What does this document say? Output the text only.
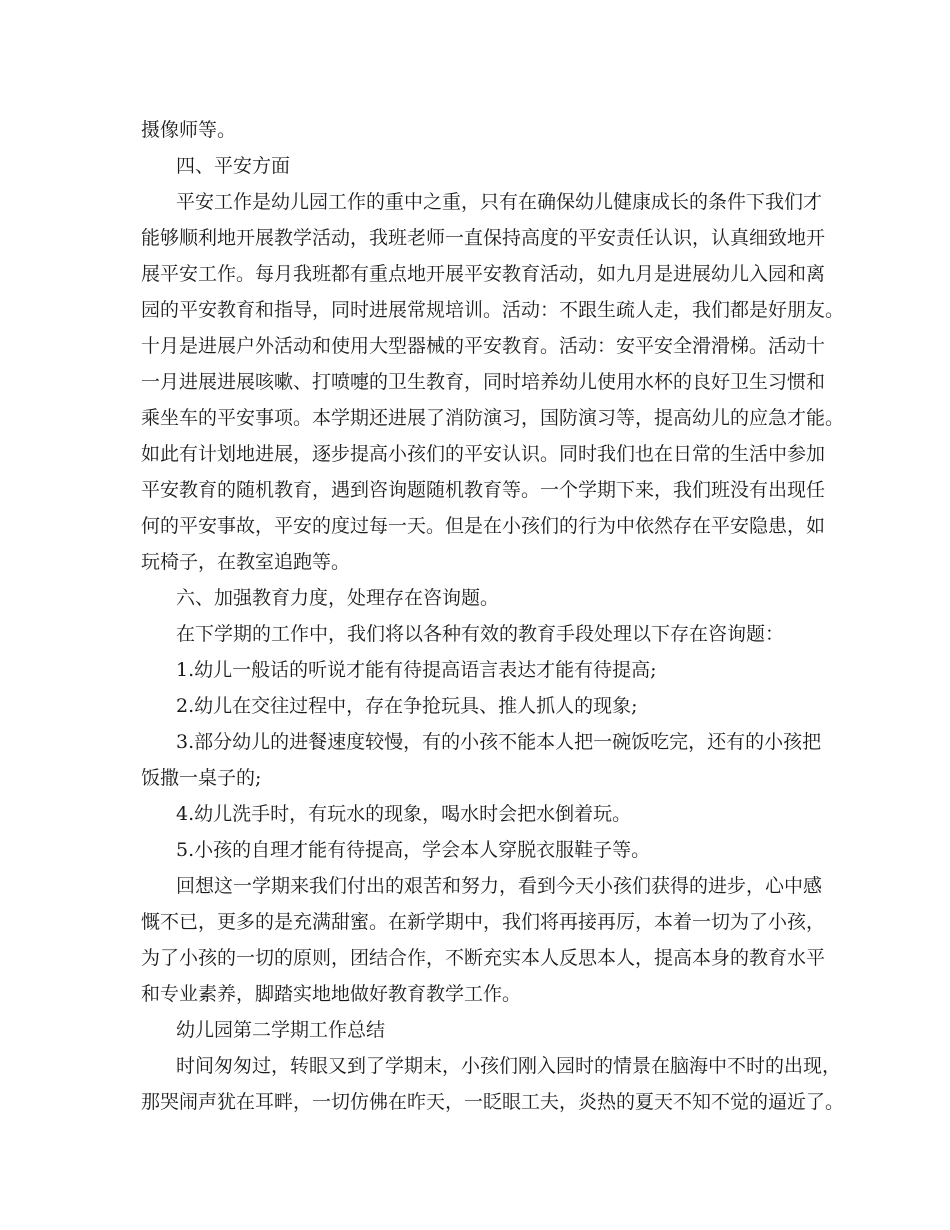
摄像师等。
四、平安方面
平安工作是幼儿园工作的重中之重，只有在确保幼儿健康成长的条件下我们才
能够顺利地开展教学活动，我班老师一直保持高度的平安责任认识，认真细致地开
展平安工作。每月我班都有重点地开展平安教育活动，如九月是进展幼儿入园和离
园的平安教育和指导，同时进展常规培训。活动：不跟生疏人走，我们都是好朋友。
十月是进展户外活动和使用大型器械的平安教育。活动：安平安全滑滑梯。活动十
一月进展进展咳嗽、打喷嚏的卫生教育，同时培养幼儿使用水杯的良好卫生习惯和
乘坐车的平安事项。本学期还进展了消防演习，国防演习等，提高幼儿的应急才能。
如此有计划地进展，逐步提高小孩们的平安认识。同时我们也在日常的生活中参加
平安教育的随机教育，遇到咨询题随机教育等。一个学期下来，我们班没有出现任
何的平安事故，平安的度过每一天。但是在小孩们的行为中依然存在平安隐患，如
玩椅子，在教室追跑等。
六、加强教育力度，处理存在咨询题。
在下学期的工作中，我们将以各种有效的教育手段处理以下存在咨询题：
1.幼儿一般话的听说才能有待提高语言表达才能有待提高;
2.幼儿在交往过程中，存在争抢玩具、推人抓人的现象;
3.部分幼儿的进餐速度较慢，有的小孩不能本人把一碗饭吃完，还有的小孩把
饭撒一桌子的;
4.幼儿洗手时，有玩水的现象，喝水时会把水倒着玩。
5.小孩的自理才能有待提高，学会本人穿脱衣服鞋子等。
回想这一学期来我们付出的艰苦和努力，看到今天小孩们获得的进步，心中感
慨不已，更多的是充满甜蜜。在新学期中，我们将再接再厉，本着一切为了小孩，
为了小孩的一切的原则，团结合作，不断充实本人反思本人，提高本身的教育水平
和专业素养，脚踏实地地做好教育教学工作。
幼儿园第二学期工作总结
时间匆匆过，转眼又到了学期末，小孩们刚入园时的情景在脑海中不时的出现，
那哭闹声犹在耳畔，一切仿佛在昨天，一眨眼工夫，炎热的夏天不知不觉的逼近了。
